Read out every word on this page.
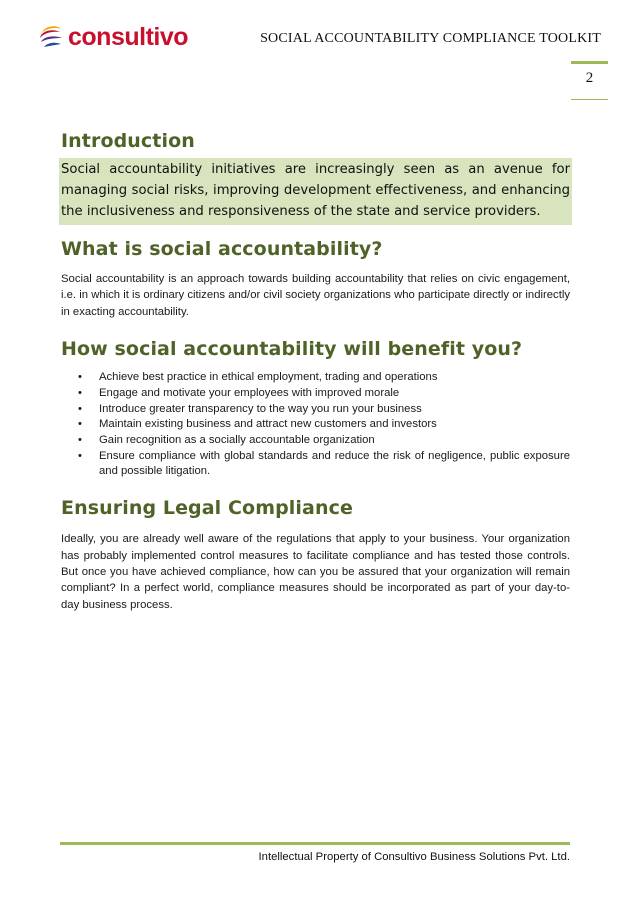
consultivo	SOCIAL ACCOUNTABILITY COMPLIANCE TOOLKIT
2
Introduction
Social accountability initiatives are increasingly seen as an avenue for managing social risks, improving development effectiveness, and enhancing the inclusiveness and responsiveness of the state and service providers.
What is social accountability?

Social accountability is an approach towards building accountability that relies on civic engagement, i.e. in which it is ordinary citizens and/or civil society organizations who participate directly or indirectly in exacting accountability.

How social accountability will benefit you?
• Achieve best practice in ethical employment, trading and operations
• Engage and motivate your employees with improved morale
• Introduce greater transparency to the way you run your business
• Maintain existing business and attract new customers and investors
• Gain recognition as a socially accountable organization
• Ensure compliance with global standards and reduce the risk of negligence, public exposure and possible litigation.
Ensuring Legal Compliance

Ideally, you are already well aware of the regulations that apply to your business. Your organization has probably implemented control measures to facilitate compliance and has tested those controls. But once you have achieved compliance, how can you be assured that your organization will remain compliant? In a perfect world, compliance measures should be incorporated as part of your day-to-day business process.

Intellectual Property of Consultivo Business Solutions Pvt. Ltd.
